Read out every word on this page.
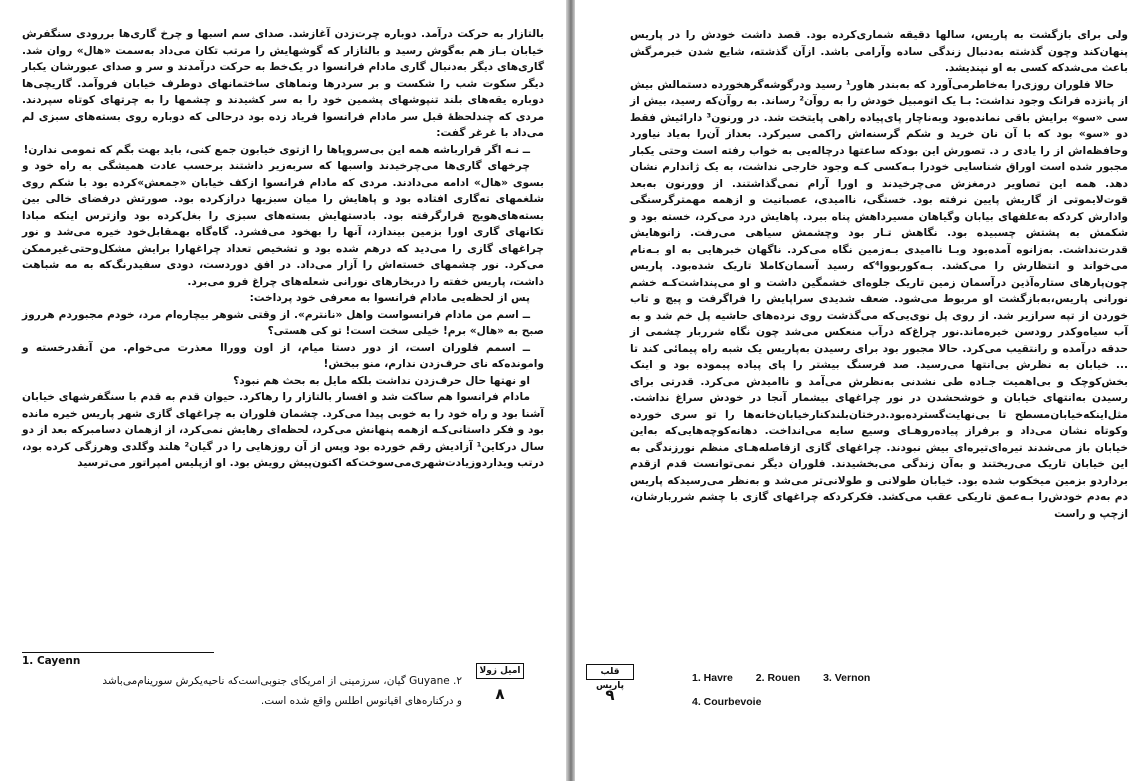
بالتازار به حرکت درآمد. دوباره چرت‌زدن آغازشد. صدای سم اسبها و چرخ گاری‌ها بررودی سنگفرش خیابان بـاز هم به‌گوش رسید و بالتازار که گوشهایش را مرتب تکان می‌داد به‌سمت «هال» روان شد. گاری‌های دیگر به‌دنبال گاری مادام فرانسوا در یک‌خط به حرکت درآمدند و سر و صدای عبورشان یکبار دیگر سکوت شب را شکست و بر سردرها ونماهای ساختمانهای دوطرف خیابان فروآمد. گاریچی‌ها دوباره یقه‌های بلند تنپوشهای پشمین خود را به سر کشیدند و چشمها را به چرتهای کوتاه سپردند. مردی که چندلحظهٔ قبل سر مادام فرانسوا فریاد زده بود درحالی که دوباره روی بسته‌های سبزی لم می‌داد با غرغر گفت:

ــ نـه اگر قرارباشه همه این بی‌سروپاها را ازتوی خیابون جمع کنی، باید بهت بگم که تمومی ندارن!

چرخهای گاری‌ها می‌چرخیدند واسبها که سربه‌زیر داشتند برحسب عادت همیشگی به راه خود و بسوی «هال» ادامه می‌دادند. مردی که مادام فرانسوا ازکف خیابان «جمعش»کرده بود با شکم روی شلغمهای ته‌گاری افتاده بود و پاهایش را میان سبزیها درازکرده بود. صورتش درفضای خالی بین بسته‌های‌هویج قرارگرفته بود. بادستهایش بسته‌های سبزی را بغل‌کرده بود وازترس اینکه مبادا تکانهای گاری اورا بزمین بیندازد، آنها را بهخود می‌فشرد. گاه‌گاه بهمقابل‌خود خیره می‌شد و نور چراغهای گازی را می‌دید که درهم شده بود و تشخیص تعداد چراغهارا برایش مشکل‌وحتی‌غیرممکن می‌کرد. نور چشمهای خسته‌اش را آزار می‌داد. در افق دوردست، دودی سفیدرنگ‌که به مه شباهت داشت، پاریس خفته را دربخارهای نورانی شعله‌های چراغ فرو می‌برد.

پس از لحظه‌یی مادام فرانسوا به معرفی خود پرداخت:

ــ اسم من مادام فرانسواست واهل «نانترم». از وقتی شوهر بیچاره‌ام مرد، خودم مجبوردم هرروز صبح به «هال» برم! خیلی سخت است! تو کی هستی؟

ــ اسمم فلوران است، از دور دستا میام، از اون ووراا معذرت می‌خوام. من آنقدرخسته و وامونده‌که نای حرف‌زدن ندارم، منو ببخش!

او نهتها حال حرف‌زدن نداشت بلکه مایل به بحث هم نبود؟

مادام فرانسوا هم ساکت شد و افسار بالتازار را رهاکرد. حیوان قدم به قدم با سنگفرشهای خیابان آشنا بود و راه خود را به خوبی پیدا می‌کرد. چشمان فلوران به چراغهای گازی شهر پاریس خیره مانده بود و فکر داستانی‌کـه ازهمه پنهانش می‌کرد، لحظه‌ای رهایش نمی‌کرد، از ازهمان دسامبرکه بعد از دو سال درکاین¹ آزادیش رقم خورده بود وپس از آن روزهایی را در گیان² هلند وگلدی وهرزگی کرده بود، درتب ویداردوزیادت‌شهری‌می‌سوخت‌که اکنون‌پیش رویش بود. او ازپلیس امپراتور می‌ترسید

1. Cayenn
Guyane .۲ گیان، سرزمینی از امریکای جنوبی‌است‌که ناحیه‌یکرش سورینام‌می‌باشد
و درکناره‌های اقیانوس اطلس واقع شده است.
امیل زولا
۸

ولی برای بازگشت به پاریس، سالها دقیقه شماری‌کرده بود. قصد داشت خودش را در پاریس پنهان‌کند وچون گذشته به‌دنبال زندگی ساده وآرامی باشد. ازآن گذشته، شایع شدن خبرمرگش باعث می‌شدکه کسی به او نپندیشد.

حالا فلوران روزی‌را به‌خاطرمی‌آورد که به‌بندر هاور¹ رسید ودرگوشه‌گرهخورده دستمالش بیش از پانزده فرانک وجود نداشت: بـا یک اتومبیل خودش را به روآن² رساند. به روآن‌که رسید، بیش از سی «سو» برایش باقی نمانده‌بود وبه‌ناچار پای‌پیاده راهی پایتخت شد. در ورنون³ دارائیش فقط دو «سو» بود که با آن نان خرید و شکم گرسنه‌اش راکمی سیرکرد. بعداز آن‌را به‌یاد نیاورد وحافظه‌اش از را یادی ر د. تصورش این بودکه ساعتها درچاله‌یی به خواب رفته است وحتی یکبار مجبور شده است اوراق شناسایی خودرا بـه‌کسی کـه وجود خارجی نداشت، به یک ژاندارم نشان دهد. همه این تصاویر درمغزش می‌چرخیدند و اورا آرام نمی‌گذاشتند. از وورنون به‌بعد قوت‌لایموتی از گاریش پایین نرفته بود. خستگی، ناامیدی، عصبانیت و ازهمه مهمترگرسنگی وادارش کردکه به‌علفهای بیابان وگیاهان مسیرداهش پناه ببرد. پاهایش درد می‌کرد، خسته‌ بود و شکمش به پشتش چسبیده بود. نگاهش تـار بود وچشمش سیاهی می‌رفت. زانوهایش قدرت‌نداشت. به‌زانوه‌ آمده‌بود وبـا ناامیدی بـه‌زمین نگاه می‌کرد. ناگهان خبرهایی به او بـه‌نام می‌خواند و انتظارش را می‌کشد. بـه‌کوربووا⁴که رسید آسمان‌کاملا تاریک شده‌بود. پاریس چون‌پارهای ستاره‌آذین درآسمان زمین تاریک جلوه‌ای خشمگین داشت و او می‌پنداشت‌کـه خشم نورانی پاریس،به‌بازگشت او مربوط می‌شود. ضعف شدیدی سراپایش را فراگرفت و پیچ و تاب خوردن از تپه سرازیر شد. از روی پل نوی‌یی‌که می‌گذشت روی نرده‌های حاشیه پل خم شد و به آب سیاه‌وکدر رودسن خیره‌ماند.نور چراغ‌که درآب منعکس می‌شد چون نگاه شرربار چشمی از حدقه درآمده و رانتقیب می‌کرد. حالا مجبور بود برای رسیدن به‌پاریس یک شبه راه پیمائی کند تا ... خیابان به نظرش بی‌انتها می‌رسید. صد فرسنگ بیشتر را پای پیاده پیموده بود و اینک بخش‌کوچک و بی‌اهمیت جـاده طی نشدنی به‌نظرش می‌آمد و ناامیدش می‌کرد. قدرتی برای رسیدن به‌انتهای خیابان و خوشحشدن در نور چراغهای بیشمار آنجا در خودش سراغ نداشت. مثل‌اینکه‌خیابان‌مسطح تا بی‌نهایت‌گسترده‌بود.درختان‌بلند‌کنارخیابان‌خانه‌ها را تو سری خورده وکوتاه نشان می‌داد و برفراز پیاده‌روهـای وسیع سایه می‌انداخت. دهانه‌کوچه‌هایی‌که به‌این خیابان باز می‌شدند تیره‌ای‌تیره‌ای بیش نبودند. چراغهای گازی ازفاصله‌هـای منظم نورزندگی به این خیابان تاریک می‌ریختند و به‌آن زندگی می‌بخشیدند. فلوران دیگر نمی‌توانست قدم ازقدم برداردو بزمین میخکوب شده بود. خیابان طولانی و طولانی‌تر می‌شد و به‌نظر می‌رسیدکه پاریس دم‌ به‌دم خودش‌را بـه‌عمق تاریکی عقب می‌کشد. فکرکردکه چراغهای گازی با چشم شرربارشان، ازچپ و راست

قلب پاریس
۹
1. Havre 2. Rouen 3. Vernon
4. Courbevoie
